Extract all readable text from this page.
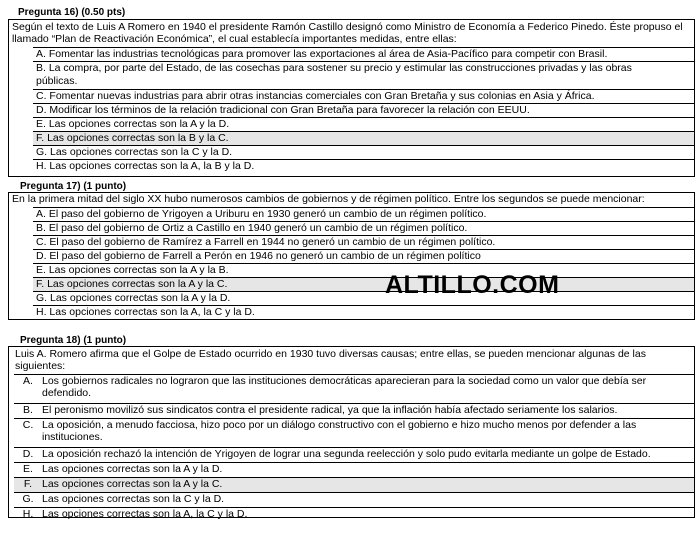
Pregunta 16) (0.50 pts)
Según el texto de Luis A Romero en 1940 el presidente Ramón Castillo designó como Ministro de Economía a Federico Pinedo. Éste propuso el llamado “Plan de Reactivación Económica”, el cual establecía importantes medidas, entre ellas:
A. Fomentar las industrias tecnológicas para promover las exportaciones al área de Asia-Pacífico para competir con Brasil.
B. La compra, por parte del Estado, de las cosechas para sostener su precio y estimular las construcciones privadas y las obras
públicas.
C. Fomentar nuevas industrias para abrir otras instancias comerciales con Gran Bretaña y sus colonias en Asia y África.
D. Modificar los términos de la relación tradicional con Gran Bretaña para favorecer la relación con EEUU.
E. Las opciones correctas son la A y la D.
F. Las opciones correctas son la B y la C.
G. Las opciones correctas son la C y la D.
H. Las opciones correctas son la A, la B y la D.
Pregunta 17) (1 punto)
En la primera mitad del siglo XX hubo numerosos cambios de gobiernos y de régimen político. Entre los segundos se puede mencionar:
A. El paso del gobierno de Yrigoyen a Uriburu en 1930 generó un cambio de un régimen político.
B. El paso del gobierno de Ortiz a Castillo en 1940 generó un cambio de un régimen político.
C. El paso del gobierno de Ramírez a Farrell en 1944 no generó un cambio de un régimen político.
D. El paso del gobierno de Farrell a Perón en 1946 no generó un cambio de un régimen político
E. Las opciones correctas son la A y la B.
F. Las opciones correctas son la A y la C.
G. Las opciones correctas son la A y la D.
H. Las opciones correctas son la A, la C y la D.
ALTILLO.COM
Pregunta 18) (1 punto)
Luis A. Romero afirma que el Golpe de Estado ocurrido en 1930 tuvo diversas causas; entre ellas, se pueden mencionar algunas de las siguientes:
A. Los gobiernos radicales no lograron que las instituciones democráticas aparecieran para la sociedad como un valor que debía ser defendido.
B. El peronismo movilizó sus sindicatos contra el presidente radical, ya que la inflación había afectado seriamente los salarios.
C. La oposición, a menudo facciosa, hizo poco por un diálogo constructivo con el gobierno e hizo mucho menos por defender a las instituciones.
D. La oposición rechazó la intención de Yrigoyen de lograr una segunda reelección y solo pudo evitarla mediante un golpe de Estado.
E. Las opciones correctas son la A y la D.
F. Las opciones correctas son la A y la C.
G. Las opciones correctas son la C y la D.
H. Las opciones correctas son la A, la C y la D.
